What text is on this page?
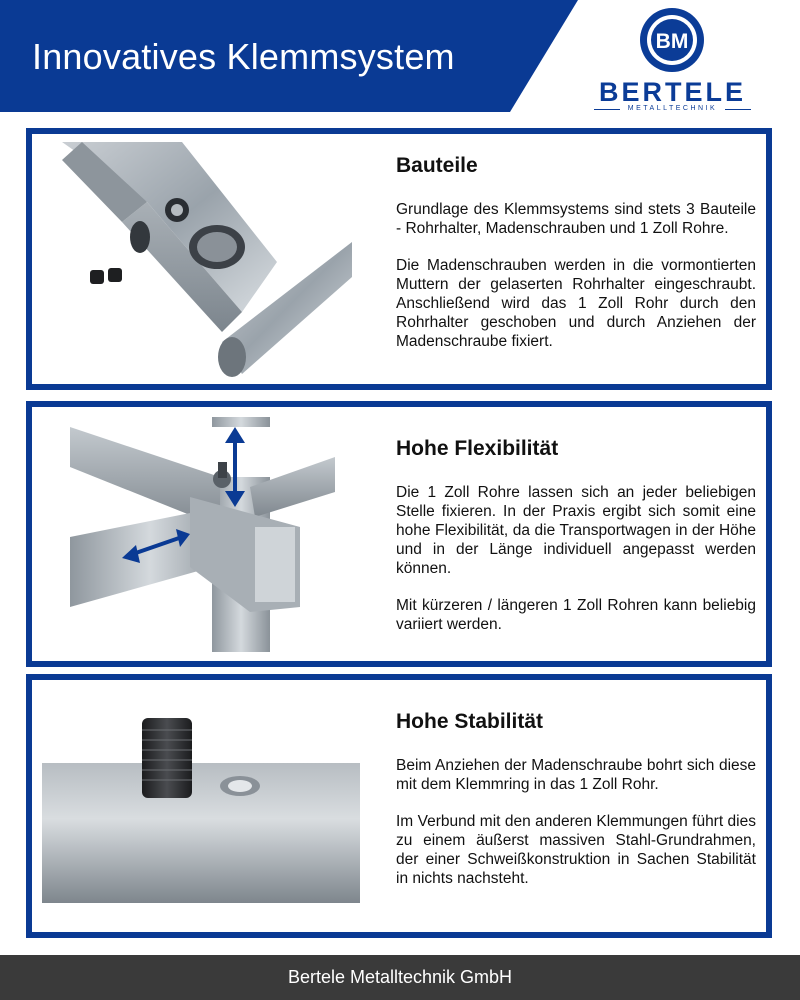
Innovatives Klemmsystem	BM
BERTELE
METALLTECHNIK
Bauteile

Grundlage des Klemmsystems sind stets 3 Bauteile - Rohrhalter, Madenschrauben und 1 Zoll Rohre.

Die Madenschrauben werden in die vormontierten Muttern der gelaserten Rohrhalter eingeschraubt. Anschließend wird das 1 Zoll Rohr durch den Rohrhalter geschoben und durch Anziehen der Madenschraube fixiert.

Hohe Flexibilität

Die 1 Zoll Rohre lassen sich an jeder beliebigen Stelle fixieren. In der Praxis ergibt sich somit eine hohe Flexibilität, da die Transportwagen in der Höhe und in der Länge individuell angepasst werden können.

Mit kürzeren / längeren 1 Zoll Rohren kann beliebig variiert werden.

Hohe Stabilität

Beim Anziehen der Madenschraube bohrt sich diese mit dem Klemmring in das 1 Zoll Rohr.

Im Verbund mit den anderen Klemmungen führt dies zu einem äußerst massiven Stahl-Grundrahmen, der einer Schweißkonstruktion in Sachen Stabilität in nichts nachsteht.

Bertele Metalltechnik GmbH
